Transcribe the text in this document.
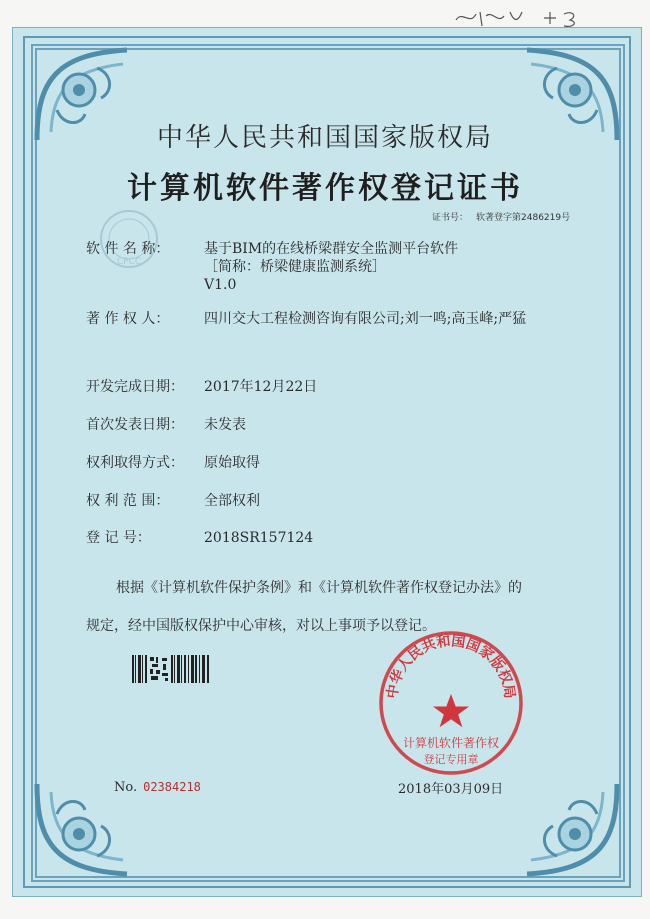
中华人民共和国国家版权局
计算机软件著作权登记证书
证书号： 软著登字第2486219号
CPCC
软 件 名 称：	基于BIM的在线桥梁群安全监测平台软件
［简称：桥梁健康监测系统］
V1.0
著 作 权 人：	四川交大工程检测咨询有限公司;刘一鸣;高玉峰;严猛
开发完成日期：	2017年12月22日
首次发表日期：	未发表
权利取得方式：	原始取得
权 利 范 围：	全部权利
登 记 号：	2018SR157124
根据《计算机软件保护条例》和《计算机软件著作权登记办法》的
规定，经中国版权保护中心审核，对以上事项予以登记。
中华人民共和国国家版权局
计算机软件著作权
登记专用章
No. 02384218	2018年03月09日
